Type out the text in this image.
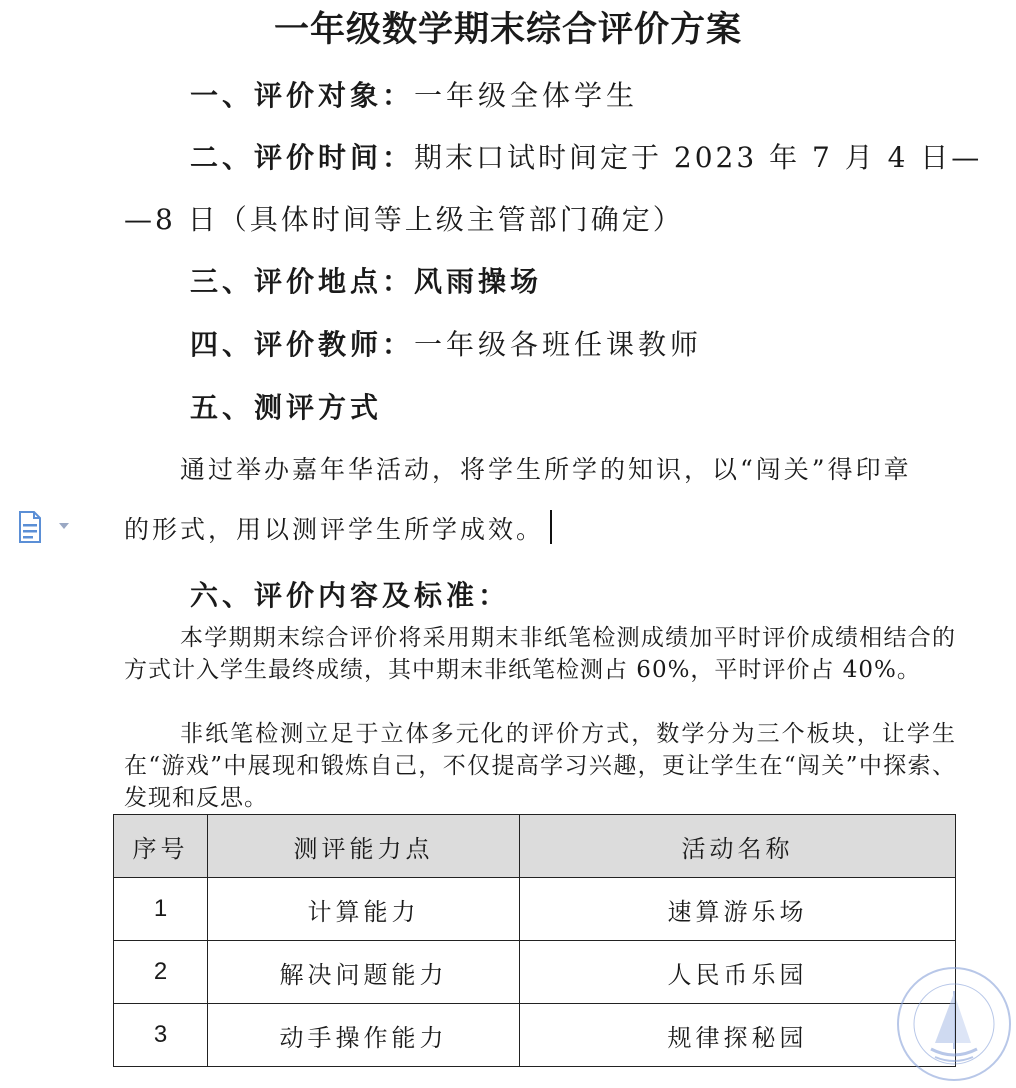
一年级数学期末综合评价方案
一、评价对象：一年级全体学生
二、评价时间：期末口试时间定于 2023 年 7 月 4 日—
—8 日（具体时间等上级主管部门确定）
三、评价地点：风雨操场
四、评价教师：一年级各班任课教师
五、测评方式
通过举办嘉年华活动，将学生所学的知识，以“闯关”得印章
的形式，用以测评学生所学成效。
六、评价内容及标准：
本学期期末综合评价将采用期末非纸笔检测成绩加平时评价成绩相结合的方式计入学生最终成绩，其中期末非纸笔检测占 60%，平时评价占 40%。
非纸笔检测立足于立体多元化的评价方式，数学分为三个板块，让学生在“游戏”中展现和锻炼自己，不仅提高学习兴趣，更让学生在“闯关”中探索、发现和反思。
序号	测评能力点	活动名称
1	计算能力	速算游乐场
2	解决问题能力	人民币乐园
3	动手操作能力	规律探秘园
